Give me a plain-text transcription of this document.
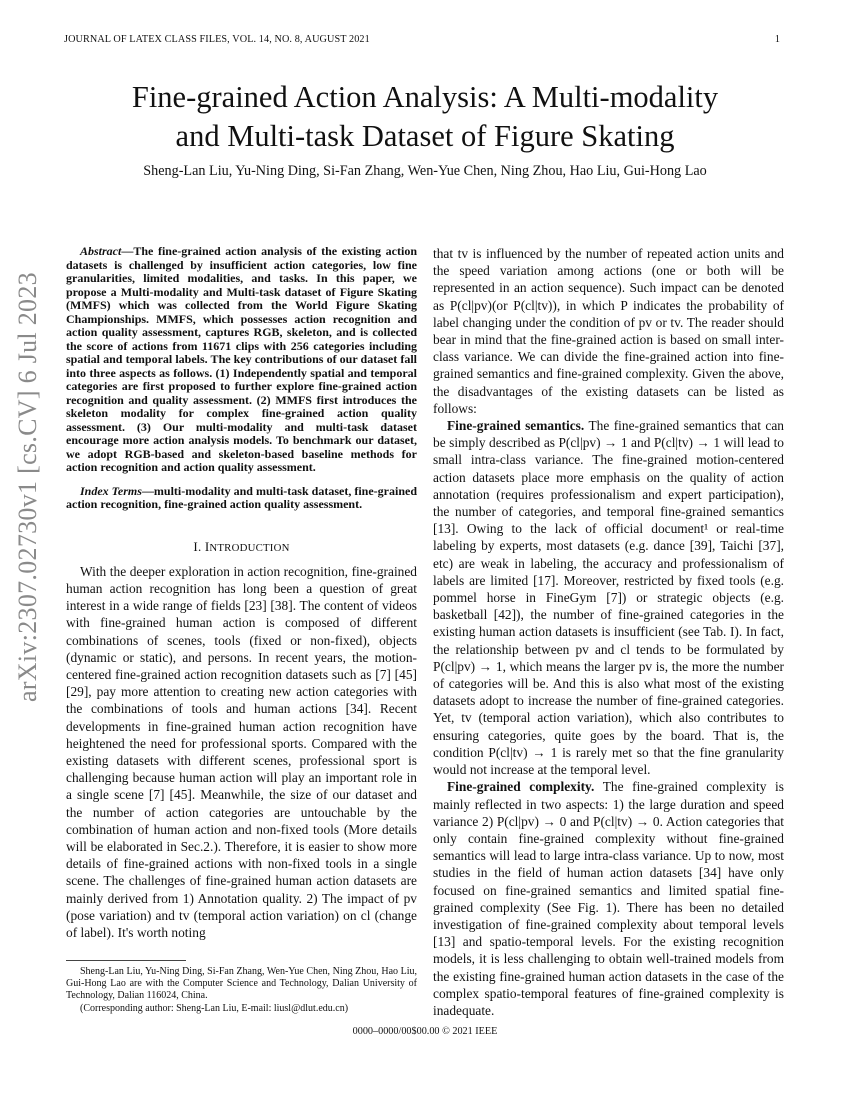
JOURNAL OF LATEX CLASS FILES, VOL. 14, NO. 8, AUGUST 2021	1
Fine-grained Action Analysis: A Multi-modality
and Multi-task Dataset of Figure Skating
Sheng-Lan Liu, Yu-Ning Ding, Si-Fan Zhang, Wen-Yue Chen, Ning Zhou, Hao Liu, Gui-Hong Lao
arXiv:2307.02730v1 [cs.CV] 6 Jul 2023

Abstract—The fine-grained action analysis of the existing action datasets is challenged by insufficient action categories, low fine granularities, limited modalities, and tasks. In this paper, we propose a Multi-modality and Multi-task dataset of Figure Skating (MMFS) which was collected from the World Figure Skating Championships. MMFS, which possesses action recognition and action quality assessment, captures RGB, skeleton, and is collected the score of actions from 11671 clips with 256 categories including spatial and temporal labels. The key contributions of our dataset fall into three aspects as follows. (1) Independently spatial and temporal categories are first proposed to further explore fine-grained action recognition and quality assessment. (2) MMFS first introduces the skeleton modality for complex fine-grained action quality assessment. (3) Our multi-modality and multi-task dataset encourage more action analysis models. To benchmark our dataset, we adopt RGB-based and skeleton-based baseline methods for action recognition and action quality assessment.

Index Terms—multi-modality and multi-task dataset, fine-grained action recognition, fine-grained action quality assessment.

I. INTRODUCTION

With the deeper exploration in action recognition, fine-grained human action recognition has long been a question of great interest in a wide range of fields [23] [38]. The content of videos with fine-grained human action is composed of different combinations of scenes, tools (fixed or non-fixed), objects (dynamic or static), and persons. In recent years, the motion-centered fine-grained action recognition datasets such as [7] [45] [29], pay more attention to creating new action categories with the combinations of tools and human actions [34]. Recent developments in fine-grained human action recognition have heightened the need for professional sports. Compared with the existing datasets with different scenes, professional sport is challenging because human action will play an important role in a single scene [7] [45]. Meanwhile, the size of our dataset and the number of action categories are untouchable by the combination of human action and non-fixed tools (More details will be elaborated in Sec.2.). Therefore, it is easier to show more details of fine-grained actions with non-fixed tools in a single scene. The challenges of fine-grained human action datasets are mainly derived from 1) Annotation quality. 2) The impact of pv (pose variation) and tv (temporal action variation) on cl (change of label). It's worth noting

Sheng-Lan Liu, Yu-Ning Ding, Si-Fan Zhang, Wen-Yue Chen, Ning Zhou, Hao Liu, Gui-Hong Lao are with the Computer Science and Technology, Dalian University of Technology, Dalian 116024, China.

(Corresponding author: Sheng-Lan Liu, E-mail: liusl@dlut.edu.cn)

that tv is influenced by the number of repeated action units and the speed variation among actions (one or both will be represented in an action sequence). Such impact can be denoted as P(cl|pv)(or P(cl|tv)), in which P indicates the probability of label changing under the condition of pv or tv. The reader should bear in mind that the fine-grained action is based on small inter-class variance. We can divide the fine-grained action into fine-grained semantics and fine-grained complexity. Given the above, the disadvantages of the existing datasets can be listed as follows:

Fine-grained semantics. The fine-grained semantics that can be simply described as P(cl|pv) → 1 and P(cl|tv) → 1 will lead to small intra-class variance. The fine-grained motion-centered action datasets place more emphasis on the quality of action annotation (requires professionalism and expert participation), the number of categories, and temporal fine-grained semantics [13]. Owing to the lack of official document¹ or real-time labeling by experts, most datasets (e.g. dance [39], Taichi [37], etc) are weak in labeling, the accuracy and professionalism of labels are limited [17]. Moreover, restricted by fixed tools (e.g. pommel horse in FineGym [7]) or strategic objects (e.g. basketball [42]), the number of fine-grained categories in the existing human action datasets is insufficient (see Tab. I). In fact, the relationship between pv and cl tends to be formulated by P(cl|pv) → 1, which means the larger pv is, the more the number of categories will be. And this is also what most of the existing datasets adopt to increase the number of fine-grained categories. Yet, tv (temporal action variation), which also contributes to ensuring categories, quite goes by the board. That is, the condition P(cl|tv) → 1 is rarely met so that the fine granularity would not increase at the temporal level.

Fine-grained complexity. The fine-grained complexity is mainly reflected in two aspects: 1) the large duration and speed variance 2) P(cl|pv) → 0 and P(cl|tv) → 0. Action categories that only contain fine-grained complexity without fine-grained semantics will lead to large intra-class variance. Up to now, most studies in the field of human action datasets [34] have only focused on fine-grained semantics and limited spatial fine-grained complexity (See Fig. 1). There has been no detailed investigation of fine-grained complexity about temporal levels [13] and spatio-temporal levels. For the existing recognition models, it is less challenging to obtain well-trained models from the existing fine-grained human action datasets in the case of the complex spatio-temporal features of fine-grained complexity is inadequate.

0000–0000/00$00.00 © 2021 IEEE
